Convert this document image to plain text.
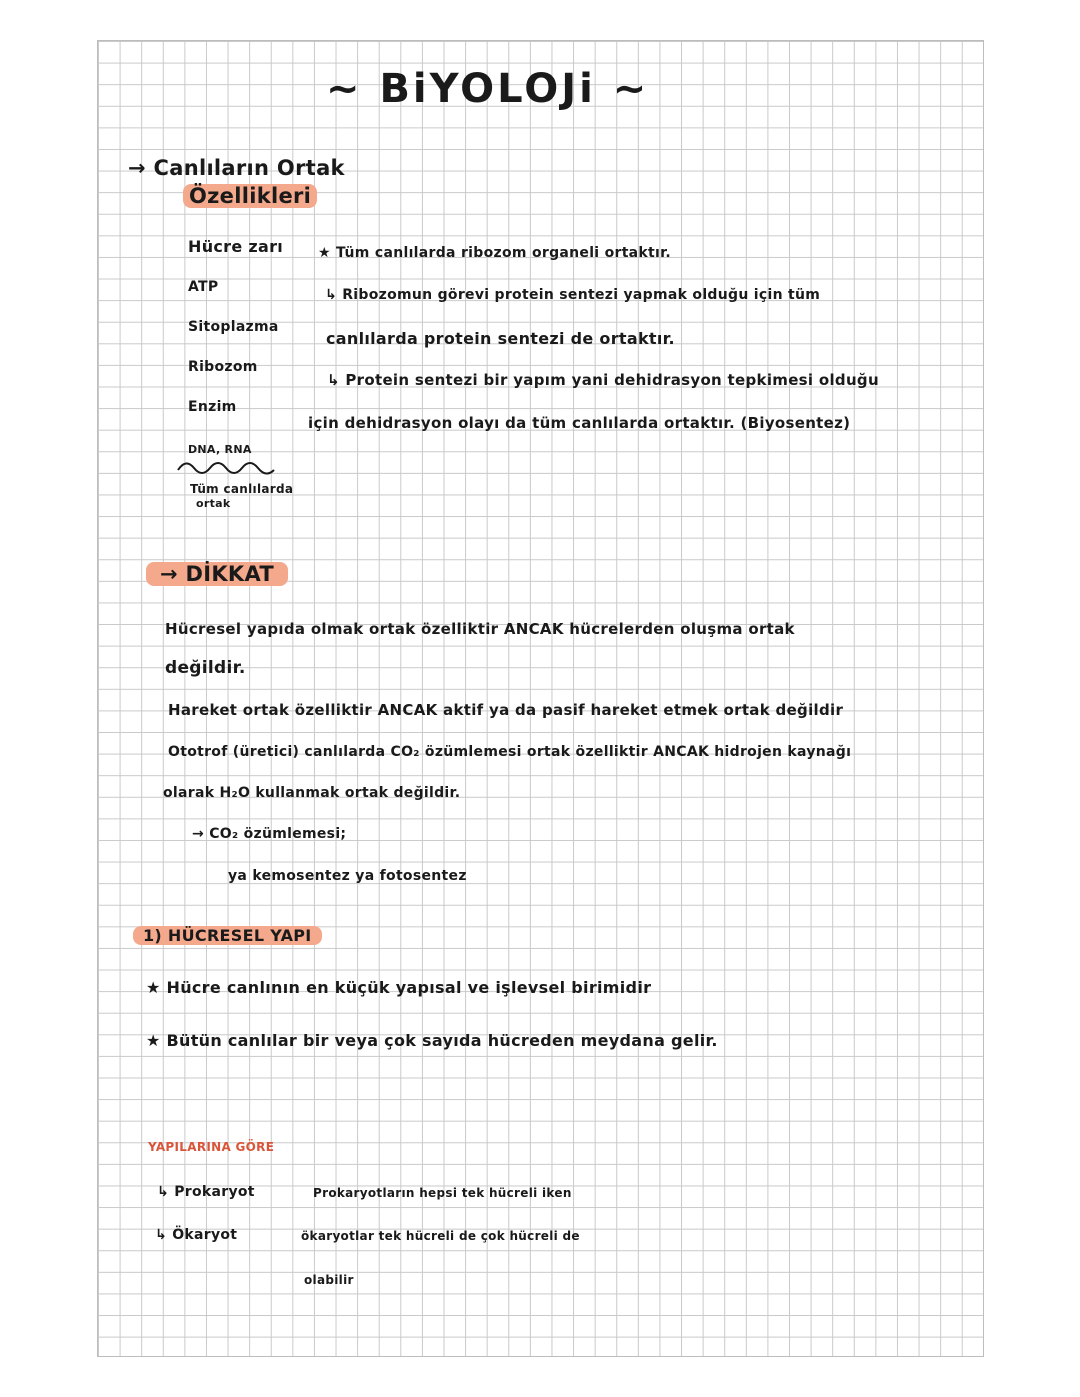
~ BiYOLOJi ~
→ Canlıların Ortak
Özellikleri
Hücre zarı
ATP
Sitoplazma
Ribozom
Enzim
DNA, RNA
Tüm canlılarda
ortak
★ Tüm canlılarda ribozom organeli ortaktır.
↳ Ribozomun görevi protein sentezi yapmak olduğu için tüm
canlılarda protein sentezi de ortaktır.
↳ Protein sentezi bir yapım yani dehidrasyon tepkimesi olduğu
için dehidrasyon olayı da tüm canlılarda ortaktır. (Biyosentez)
→ DİKKAT
Hücresel yapıda olmak ortak özelliktir ANCAK hücrelerden oluşma ortak
değildir.
Hareket ortak özelliktir ANCAK aktif ya da pasif hareket etmek ortak değildir
Ototrof (üretici) canlılarda CO₂ özümlemesi ortak özelliktir ANCAK hidrojen kaynağı
olarak H₂O kullanmak ortak değildir.
→ CO₂ özümlemesi;
ya kemosentez ya fotosentez
1) HÜCRESEL YAPI
★ Hücre canlının en küçük yapısal ve işlevsel birimidir
★ Bütün canlılar bir veya çok sayıda hücreden meydana gelir.
YAPILARINA GÖRE
↳ Prokaryot
↳ Ökaryot
Prokaryotların hepsi tek hücreli iken
ökaryotlar tek hücreli de çok hücreli de
olabilir
